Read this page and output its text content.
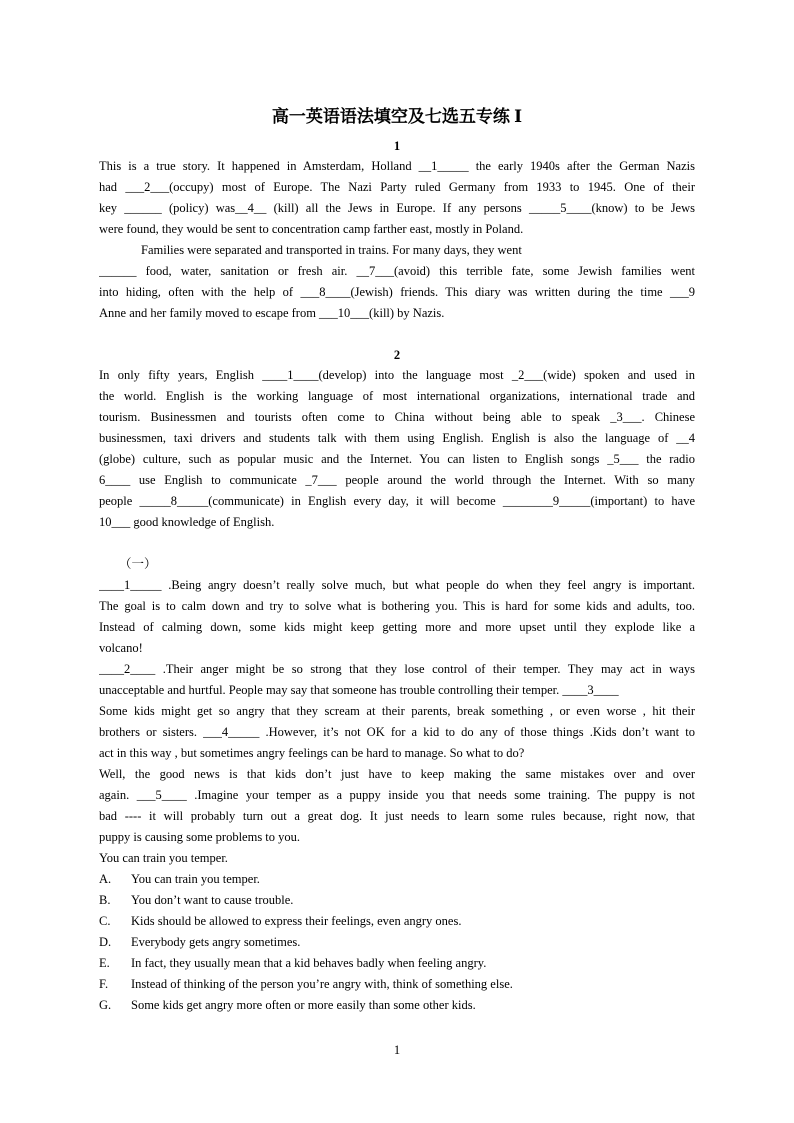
高一英语语法填空及七选五专练 Ⅰ
1
This is a true story. It happened in Amsterdam, Holland __1_____ the early 1940s after the German Nazis
had ___2___(occupy) most of Europe. The Nazi Party ruled Germany from 1933 to 1945. One of their
key ______ (policy) was__4__ (kill) all the Jews in Europe. If any persons _____5____(know) to be Jews
were found, they would be sent to concentration camp farther east, mostly in Poland.
Families were separated and transported in trains. For many days, they went
______ food, water, sanitation or fresh air. __7___(avoid) this terrible fate, some Jewish families went
into hiding, often with the help of ___8____(Jewish) friends. This diary was written during the time ___9
Anne and her family moved to escape from ___10___(kill) by Nazis.
2
In only fifty years, English ____1____(develop) into the language most _2___(wide) spoken and used in
the world. English is the working language of most international organizations, international trade and
tourism. Businessmen and tourists often come to China without being able to speak _3___. Chinese
businessmen, taxi drivers and students talk with them using English. English is also the language of __4
(globe) culture, such as popular music and the Internet. You can listen to English songs _5___ the radio
6____ use English to communicate _7___ people around the world through the Internet. With so many
people _____8_____(communicate) in English every day, it will become ________9_____(important) to have
10___ good knowledge of English.
（一）
____1_____ .Being angry doesn’t really solve much, but what people do when they feel angry is important.
The goal is to calm down and try to solve what is bothering you. This is hard for some kids and adults, too.
Instead of calming down, some kids might keep getting more and more upset until they explode like a
volcano!
____2____ .Their anger might be so strong that they lose control of their temper. They may act in ways
unacceptable and hurtful. People may say that someone has trouble controlling their temper. ____3____
Some kids might get so angry that they scream at their parents, break something , or even worse , hit their
brothers or sisters. ___4_____ .However, it’s not OK for a kid to do any of those things .Kids don’t want to
act in this way , but sometimes angry feelings can be hard to manage. So what to do?
Well, the good news is that kids don’t just have to keep making the same mistakes over and over
again. ___5____ .Imagine your temper as a puppy inside you that needs some training. The puppy is not
bad ---- it will probably turn out a great dog. It just needs to learn some rules because, right now, that
puppy is causing some problems to you.
You can train you temper.
A. You can train you temper.
B. You don’t want to cause trouble.
C. Kids should be allowed to express their feelings, even angry ones.
D. Everybody gets angry sometimes.
E. In fact, they usually mean that a kid behaves badly when feeling angry.
F. Instead of thinking of the person you’re angry with, think of something else.
G. Some kids get angry more often or more easily than some other kids.
1
